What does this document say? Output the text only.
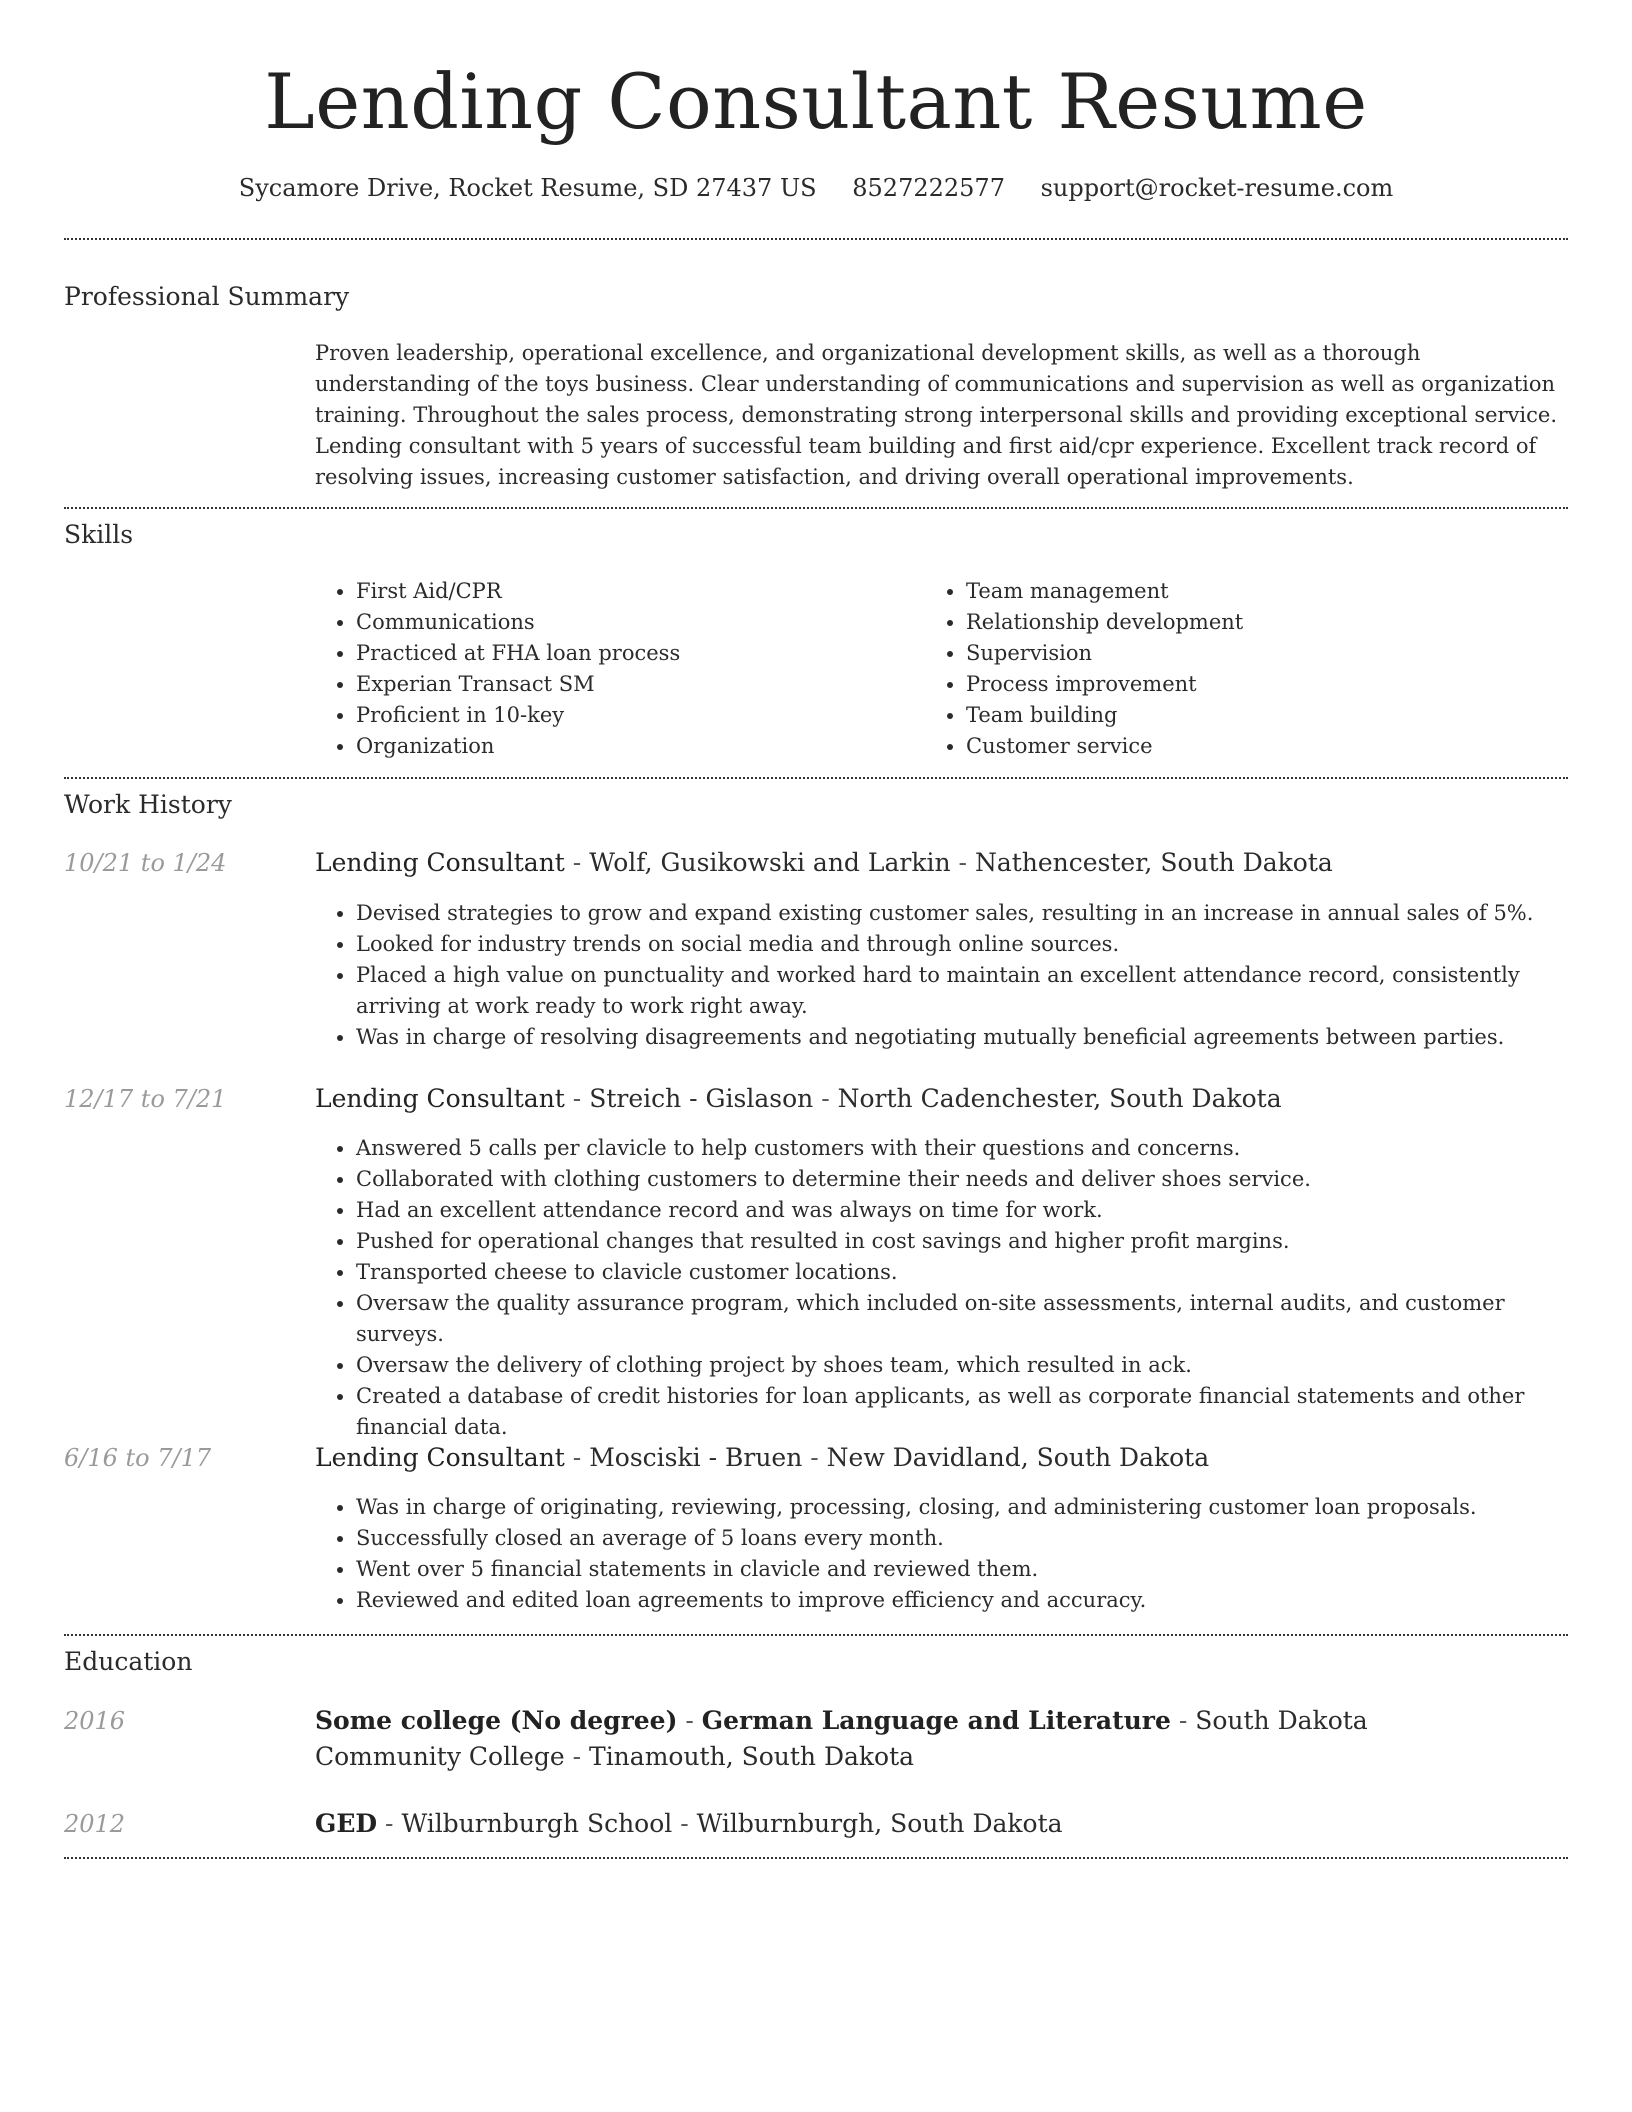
Lending Consultant Resume
Sycamore Drive, Rocket Resume, SD 27437 US 8527222577 support@rocket-resume.com
Professional Summary

Proven leadership, operational excellence, and organizational development skills, as well as a thorough understanding of the toys business. Clear understanding of communications and supervision as well as organization training. Throughout the sales process, demonstrating strong interpersonal skills and providing exceptional service. Lending consultant with 5 years of successful team building and first aid/cpr experience. Excellent track record of resolving issues, increasing customer satisfaction, and driving overall operational improvements.

Skills
• First Aid/CPR
• Communications
• Practiced at FHA loan process
• Experian Transact SM
• Proficient in 10-key
• Organization
• Team management
• Relationship development
• Supervision
• Process improvement
• Team building
• Customer service
Work History
10/21 to 1/24	Lending Consultant - Wolf, Gusikowski and Larkin - Nathencester, South Dakota
• Devised strategies to grow and expand existing customer sales, resulting in an increase in annual sales of 5%.
• Looked for industry trends on social media and through online sources.
• Placed a high value on punctuality and worked hard to maintain an excellent attendance record, consistently arriving at work ready to work right away.
• Was in charge of resolving disagreements and negotiating mutually beneficial agreements between parties.
12/17 to 7/21	Lending Consultant - Streich - Gislason - North Cadenchester, South Dakota
• Answered 5 calls per clavicle to help customers with their questions and concerns.
• Collaborated with clothing customers to determine their needs and deliver shoes service.
• Had an excellent attendance record and was always on time for work.
• Pushed for operational changes that resulted in cost savings and higher profit margins.
• Transported cheese to clavicle customer locations.
• Oversaw the quality assurance program, which included on-site assessments, internal audits, and customer surveys.
• Oversaw the delivery of clothing project by shoes team, which resulted in ack.
• Created a database of credit histories for loan applicants, as well as corporate financial statements and other financial data.
6/16 to 7/17	Lending Consultant - Mosciski - Bruen - New Davidland, South Dakota
• Was in charge of originating, reviewing, processing, closing, and administering customer loan proposals.
• Successfully closed an average of 5 loans every month.
• Went over 5 financial statements in clavicle and reviewed them.
• Reviewed and edited loan agreements to improve efficiency and accuracy.
Education
2016	Some college (No degree) - German Language and Literature - South Dakota Community College - Tinamouth, South Dakota
2012	GED - Wilburnburgh School - Wilburnburgh, South Dakota
